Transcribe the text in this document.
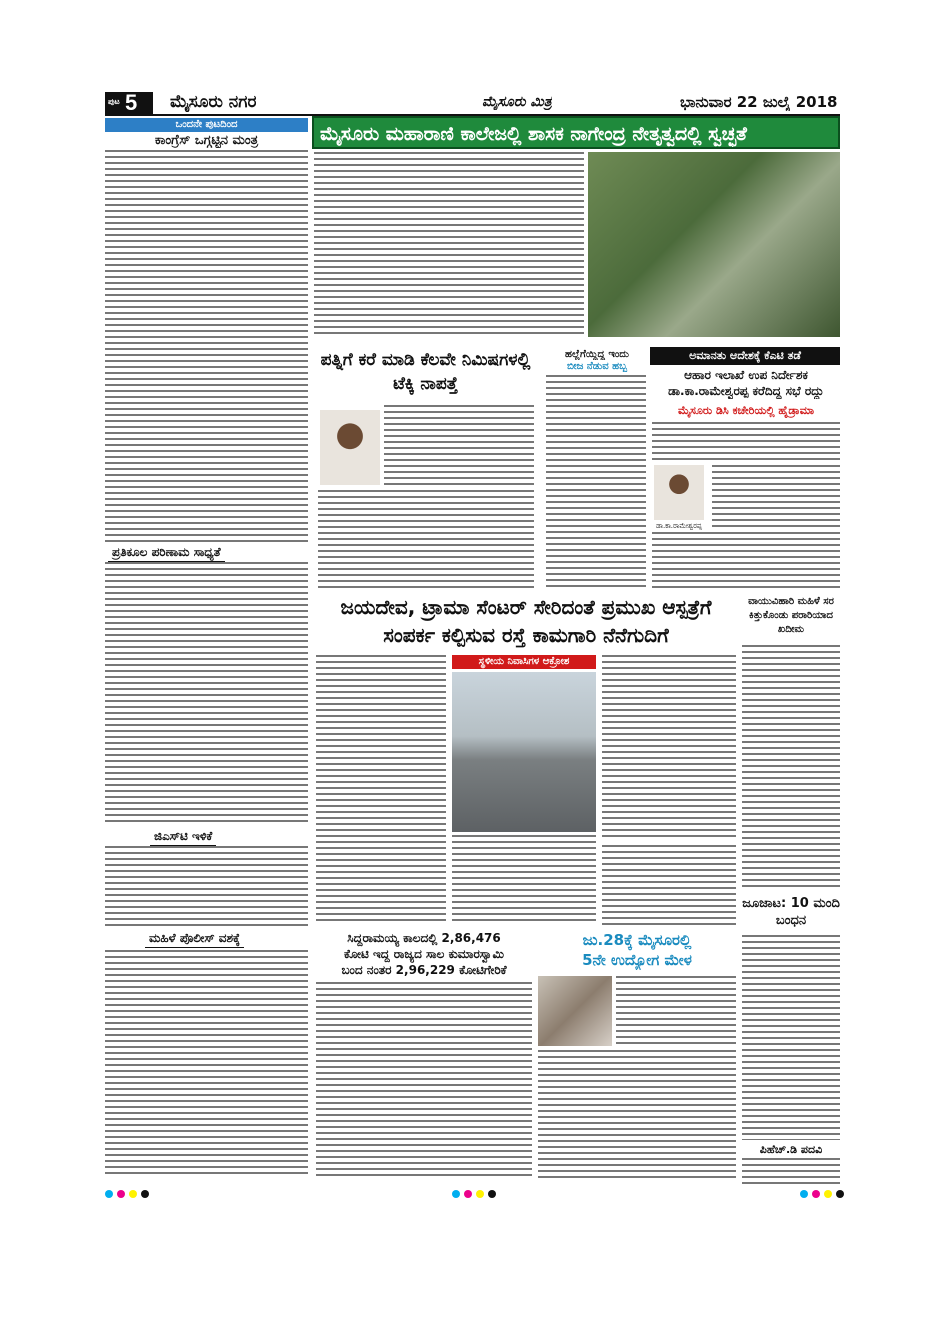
ಪುಟ 5 ಮೈಸೂರು ನಗರ	ಮೈಸೂರು ಮಿತ್ರ	ಭಾನುವಾರ 22 ಜುಲೈ 2018
ಮೈಸೂರು ಮಹಾರಾಣಿ ಕಾಲೇಜಲ್ಲಿ ಶಾಸಕ ನಾಗೇಂದ್ರ ನೇತೃತ್ವದಲ್ಲಿ ಸ್ವಚ್ಛತೆ
ಒಂದನೇ ಪುಟದಿಂದ
ಕಾಂಗ್ರೆಸ್ ಒಗ್ಗಟ್ಟಿನ ಮಂತ್ರ
ಪ್ರತಿಕೂಲ ಪರಿಣಾಮ ಸಾಧ್ಯತೆ
ಜಿಎಸ್‌ಟಿ ಇಳಿಕೆ
ಮಹಿಳೆ ಪೊಲೀಸ್ ವಶಕ್ಕೆ
ಪತ್ನಿಗೆ ಕರೆ ಮಾಡಿ ಕೆಲವೇ ನಿಮಿಷಗಳಲ್ಲಿ ಟೆಕ್ಕಿ ನಾಪತ್ತೆ
ಹಲ್ಲೆಗೆಯ್ದಿದ್ದ ಇಂದು
ಬೀಜ ನೆಡುವ ಹಬ್ಬ
ಅಮಾನತು ಆದೇಶಕ್ಕೆ ಕೆಎಟಿ ತಡೆ
ಆಹಾರ ಇಲಾಖೆ ಉಪ ನಿರ್ದೇಶಕ ಡಾ.ಕಾ.ರಾಮೇಶ್ವರಪ್ಪ ಕರೆದಿದ್ದ ಸಭೆ ರದ್ದು
ಮೈಸೂರು ಡಿಸಿ ಕಚೇರಿಯಲ್ಲಿ ಹೈಡ್ರಾಮಾ
ಡಾ.ಕಾ.ರಾಮೇಶ್ವರಪ್ಪ
ಜಯದೇವ, ಟ್ರಾಮಾ ಸೆಂಟರ್ ಸೇರಿದಂತೆ ಪ್ರಮುಖ ಆಸ್ಪತ್ರೆಗೆ ಸಂಪರ್ಕ ಕಲ್ಪಿಸುವ ರಸ್ತೆ ಕಾಮಗಾರಿ ನೆನೆಗುದಿಗೆ
ಸ್ಥಳೀಯ ನಿವಾಸಿಗಳ ಆಕ್ರೋಶ
ವಾಯುವಿಹಾರಿ ಮಹಿಳೆ ಸರ ಕಿತ್ತುಕೊಂಡು ಪರಾರಿಯಾದ ಖದೀಮ
ಜೂಜಾಟ: 10 ಮಂದಿ ಬಂಧನ
ಪಿಹೆಚ್.ಡಿ ಪದವಿ
ಸಿದ್ದರಾಮಯ್ಯ ಕಾಲದಲ್ಲಿ 2,86,476
ಕೋಟಿ ಇದ್ದ ರಾಜ್ಯದ ಸಾಲ ಕುಮಾರಸ್ವಾಮಿ
ಬಂದ ನಂತರ 2,96,229 ಕೋಟಿಗೇರಿಕೆ
ಜು.28ಕ್ಕೆ ಮೈಸೂರಲ್ಲಿ
5ನೇ ಉದ್ಯೋಗ ಮೇಳ
